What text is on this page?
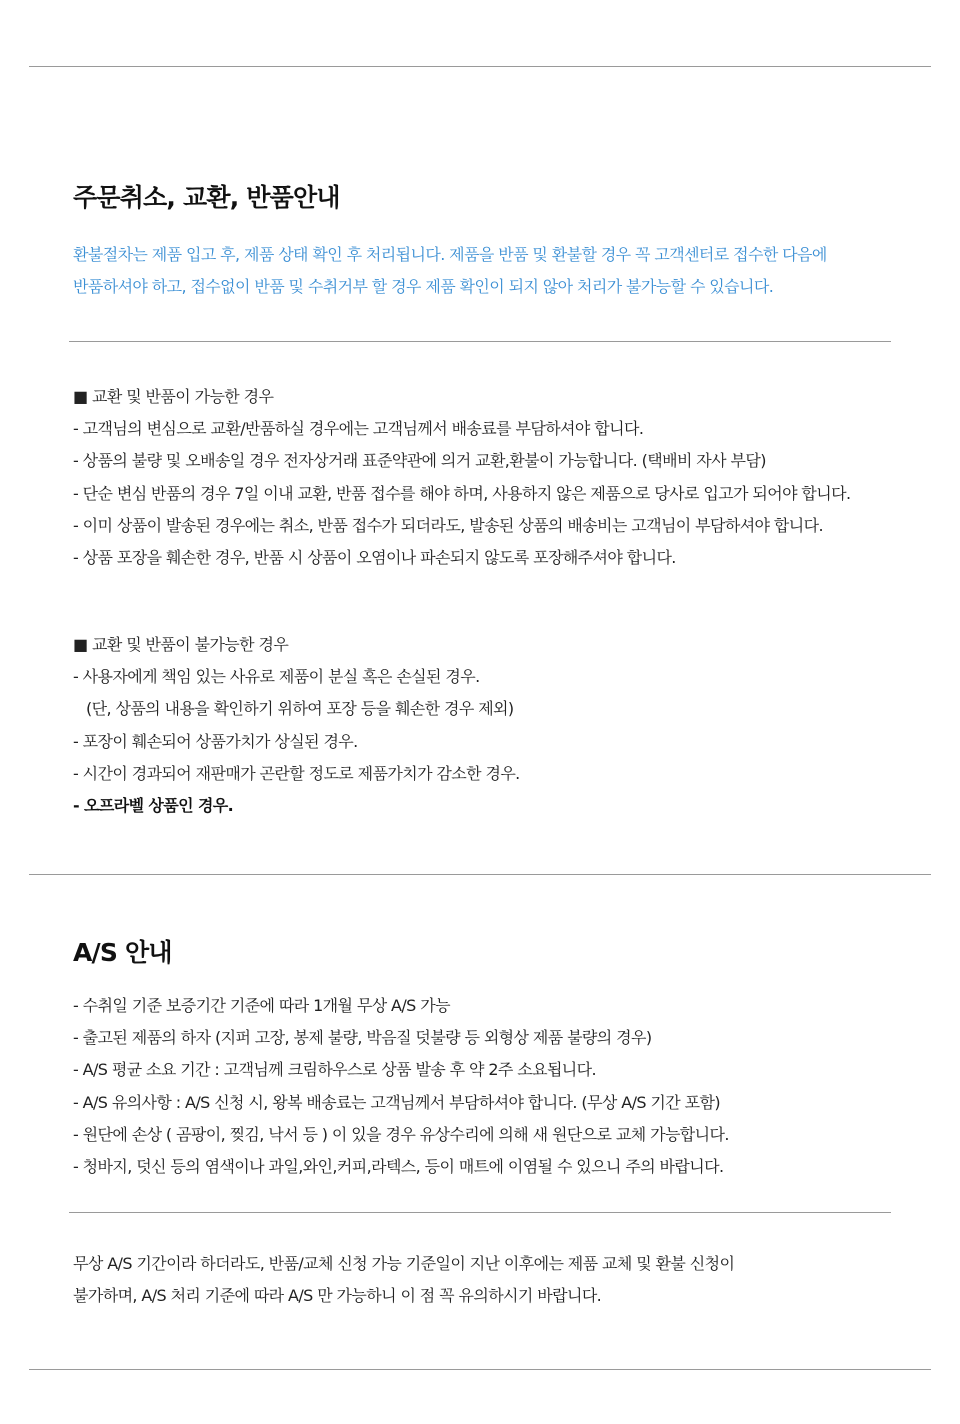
주문취소, 교환, 반품안내
환불절차는 제품 입고 후, 제품 상태 확인 후 처리됩니다. 제품을 반품 및 환불할 경우 꼭 고객센터로 접수한 다음에
반품하셔야 하고, 접수없이 반품 및 수취거부 할 경우 제품 확인이 되지 않아 처리가 불가능할 수 있습니다.
■ 교환 및 반품이 가능한 경우
- 고객님의 변심으로 교환/반품하실 경우에는 고객님께서 배송료를 부담하셔야 합니다.
- 상품의 불량 및 오배송일 경우 전자상거래 표준약관에 의거 교환,환불이 가능합니다. (택배비 자사 부담)
- 단순 변심 반품의 경우 7일 이내 교환, 반품 접수를 해야 하며, 사용하지 않은 제품으로 당사로 입고가 되어야 합니다.
- 이미 상품이 발송된 경우에는 취소, 반품 접수가 되더라도, 발송된 상품의 배송비는 고객님이 부담하셔야 합니다.
- 상품 포장을 훼손한 경우, 반품 시 상품이 오염이나 파손되지 않도록 포장해주셔야 합니다.
■ 교환 및 반품이 불가능한 경우
- 사용자에게 책임 있는 사유로 제품이 분실 혹은 손실된 경우.
(단, 상품의 내용을 확인하기 위하여 포장 등을 훼손한 경우 제외)
- 포장이 훼손되어 상품가치가 상실된 경우.
- 시간이 경과되어 재판매가 곤란할 정도로 제품가치가 감소한 경우.
- 오프라벨 상품인 경우.
A/S 안내
- 수취일 기준 보증기간 기준에 따라 1개월 무상 A/S 가능
- 출고된 제품의 하자 (지퍼 고장, 봉제 불량, 박음질 덧불량 등 외형상 제품 불량의 경우)
- A/S 평균 소요 기간 : 고객님께 크림하우스로 상품 발송 후 약 2주 소요됩니다.
- A/S 유의사항 : A/S 신청 시, 왕복 배송료는 고객님께서 부담하셔야 합니다. (무상 A/S 기간 포함)
- 원단에 손상 ( 곰팡이, 찢김, 낙서 등 ) 이 있을 경우 유상수리에 의해 새 원단으로 교체 가능합니다.
- 청바지, 덧신 등의 염색이나 과일,와인,커피,라텍스, 등이 매트에 이염될 수 있으니 주의 바랍니다.
무상 A/S 기간이라 하더라도, 반품/교체 신청 가능 기준일이 지난 이후에는 제품 교체 및 환불 신청이
불가하며, A/S 처리 기준에 따라 A/S 만 가능하니 이 점 꼭 유의하시기 바랍니다.
